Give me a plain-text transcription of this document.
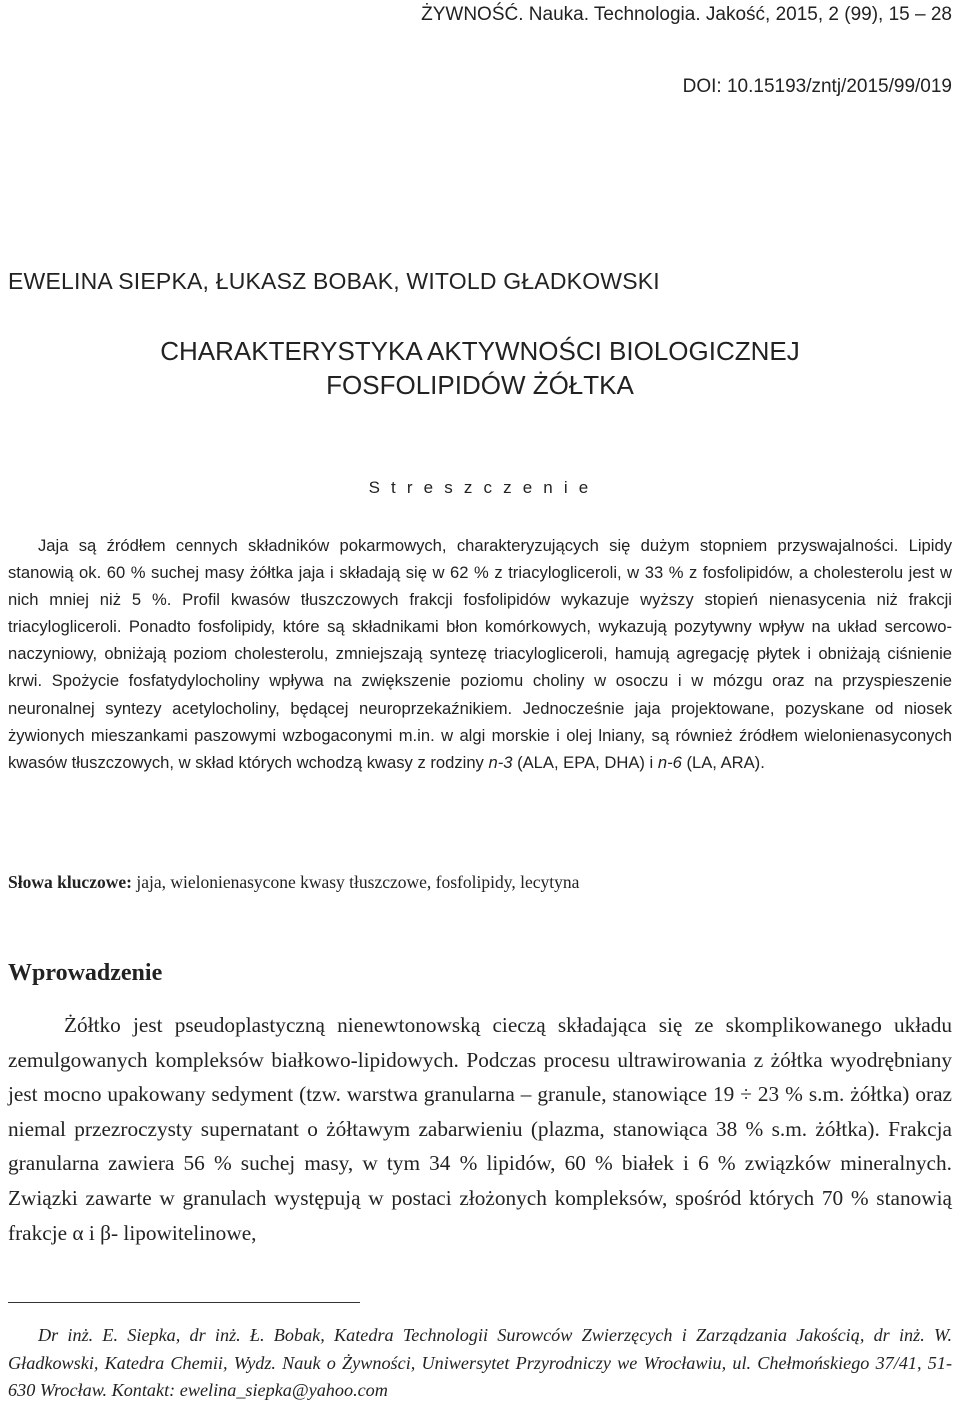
ŻYWNOŚĆ. Nauka. Technologia. Jakość, 2015, 2 (99), 15 – 28
DOI: 10.15193/zntj/2015/99/019
EWELINA SIEPKA, ŁUKASZ BOBAK, WITOLD GŁADKOWSKI
CHARAKTERYSTYKA AKTYWNOŚCI BIOLOGICZNEJ
FOSFOLIPIDÓW ŻÓŁTKA
S t r e s z c z e n i e

Jaja są źródłem cennych składników pokarmowych, charakteryzujących się dużym stopniem przyswajalności. Lipidy stanowią ok. 60 % suchej masy żółtka jaja i składają się w 62 % z triacylogliceroli, w 33 % z fosfolipidów, a cholesterolu jest w nich mniej niż 5 %. Profil kwasów tłuszczowych frakcji fosfolipidów wykazuje wyższy stopień nienasycenia niż frakcji triacylogliceroli. Ponadto fosfolipidy, które są składnikami błon komórkowych, wykazują pozytywny wpływ na układ sercowo-naczyniowy, obniżają poziom cholesterolu, zmniejszają syntezę triacylogliceroli, hamują agregację płytek i obniżają ciśnienie krwi. Spożycie fosfatydylocholiny wpływa na zwiększenie poziomu choliny w osoczu i w mózgu oraz na przyspieszenie neuronalnej syntezy acetylocholiny, będącej neuroprzekaźnikiem. Jednocześnie jaja projektowane, pozyskane od niosek żywionych mieszankami paszowymi wzbogaconymi m.in. w algi morskie i olej lniany, są również źródłem wielonienasyconych kwasów tłuszczowych, w skład których wchodzą kwasy z rodziny n-3 (ALA, EPA, DHA) i n-6 (LA, ARA).

Słowa kluczowe: jaja, wielonienasycone kwasy tłuszczowe, fosfolipidy, lecytyna

Wprowadzenie

Żółtko jest pseudoplastyczną nienewtonowską cieczą składająca się ze skomplikowanego układu zemulgowanych kompleksów białkowo-lipidowych. Podczas procesu ultrawirowania z żółtka wyodrębniany jest mocno upakowany sedyment (tzw. warstwa granularna – granule, stanowiące 19 ÷ 23 % s.m. żółtka) oraz niemal przezroczysty supernatant o żółtawym zabarwieniu (plazma, stanowiąca 38 % s.m. żółtka). Frakcja granularna zawiera 56 % suchej masy, w tym 34 % lipidów, 60 % białek i 6 % związków mineralnych. Związki zawarte w granulach występują w postaci złożonych kompleksów, spośród których 70 % stanowią frakcje α i β- lipowitelinowe,

Dr inż. E. Siepka, dr inż. Ł. Bobak, Katedra Technologii Surowców Zwierzęcych i Zarządzania Jakością, dr inż. W. Gładkowski, Katedra Chemii, Wydz. Nauk o Żywności, Uniwersytet Przyrodniczy we Wrocławiu, ul. Chełmońskiego 37/41, 51-630 Wrocław. Kontakt: ewelina_siepka@yahoo.com
